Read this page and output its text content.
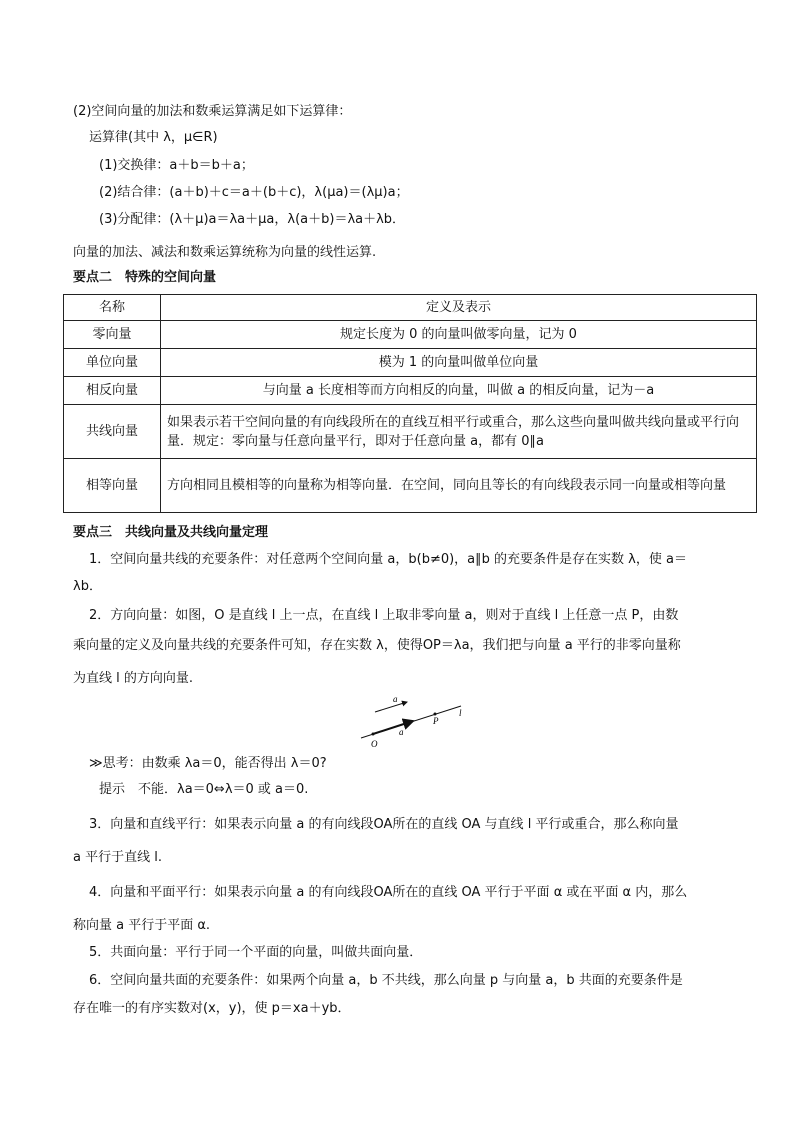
(2)空间向量的加法和数乘运算满足如下运算律：
运算律(其中 λ，μ∈R)
(1)交换律：a＋b＝b＋a；
(2)结合律：(a＋b)＋c＝a＋(b＋c)，λ(μa)＝(λμ)a；
(3)分配律：(λ＋μ)a＝λa＋μa，λ(a＋b)＝λa＋λb．
向量的加法、减法和数乘运算统称为向量的线性运算.
要点二　特殊的空间向量
名称	定义及表示
零向量	规定长度为 0 的向量叫做零向量，记为 0
单位向量	模为 1 的向量叫做单位向量
相反向量	与向量 a 长度相等而方向相反的向量，叫做 a 的相反向量，记为－a
共线向量	如果表示若干空间向量的有向线段所在的直线互相平行或重合，那么这些向量叫做共线向量或平行向量．规定：零向量与任意向量平行，即对于任意向量 a，都有 0∥a
相等向量	方向相同且模相等的向量称为相等向量．在空间，同向且等长的有向线段表示同一向量或相等向量
要点三　共线向量及共线向量定理
1．空间向量共线的充要条件：对任意两个空间向量 a，b(b≠0)，a∥b 的充要条件是存在实数 λ，使 a＝
λb．
2．方向向量：如图，O 是直线 l 上一点，在直线 l 上取非零向量 a，则对于直线 l 上任意一点 P，由数
乘向量的定义及向量共线的充要条件可知，存在实数 λ，使得OP＝λa，我们把与向量 a 平行的非零向量称
为直线 l 的方向向量.
a
l
P
a
O
≫思考：由数乘 λa＝0，能否得出 λ＝0?
提示　不能．λa＝0⇔λ＝0 或 a＝0.
3．向量和直线平行：如果表示向量 a 的有向线段OA所在的直线 OA 与直线 l 平行或重合，那么称向量
a 平行于直线 l.
4．向量和平面平行：如果表示向量 a 的有向线段OA所在的直线 OA 平行于平面 α 或在平面 α 内，那么
称向量 a 平行于平面 α.
5．共面向量：平行于同一个平面的向量，叫做共面向量．
6．空间向量共面的充要条件：如果两个向量 a，b 不共线，那么向量 p 与向量 a，b 共面的充要条件是
存在唯一的有序实数对(x，y)，使 p＝xa＋yb．
